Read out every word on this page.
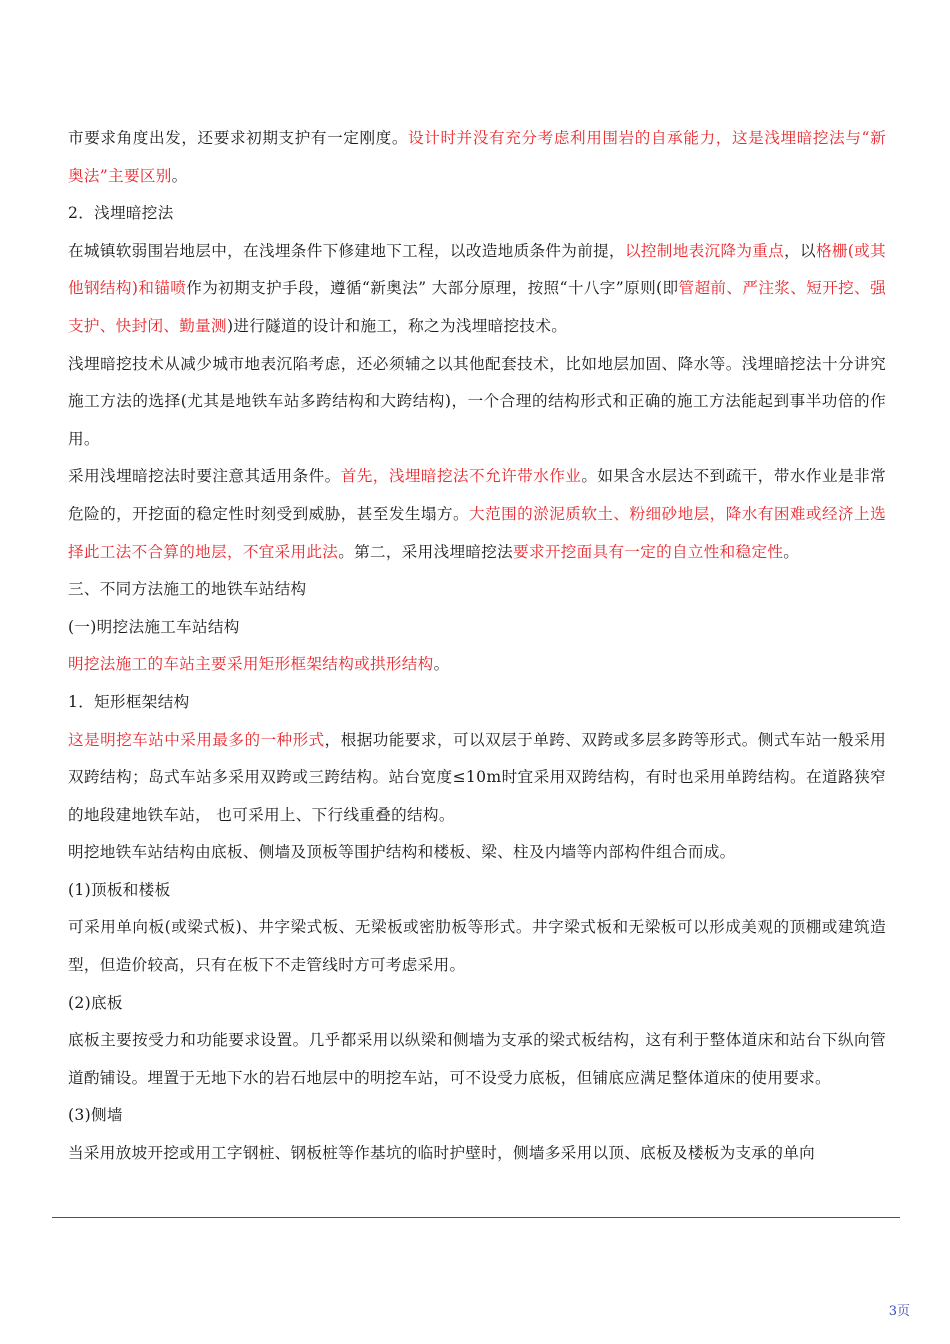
市要求角度出发，还要求初期支护有一定刚度。设计时并没有充分考虑利用围岩的自承能力，这是浅埋暗挖法与“新奥法”主要区别。

2．浅埋暗挖法

在城镇软弱围岩地层中，在浅埋条件下修建地下工程，以改造地质条件为前提，以控制地表沉降为重点，以格栅(或其他钢结构)和锚喷作为初期支护手段，遵循“新奥法” 大部分原理，按照“十八字”原则(即管超前、严注浆、短开挖、强支护、快封闭、勤量测)进行隧道的设计和施工，称之为浅埋暗挖技术。

浅埋暗挖技术从减少城市地表沉陷考虑，还必须辅之以其他配套技术，比如地层加固、降水等。浅埋暗挖法十分讲究施工方法的选择(尤其是地铁车站多跨结构和大跨结构)，一个合理的结构形式和正确的施工方法能起到事半功倍的作用。

采用浅埋暗挖法时要注意其适用条件。首先，浅埋暗挖法不允许带水作业。如果含水层达不到疏干，带水作业是非常危险的，开挖面的稳定性时刻受到威胁，甚至发生塌方。大范围的淤泥质软土、粉细砂地层，降水有困难或经济上选择此工法不合算的地层，不宜采用此法。第二，采用浅埋暗挖法要求开挖面具有一定的自立性和稳定性。

三、不同方法施工的地铁车站结构

(一)明挖法施工车站结构

明挖法施工的车站主要采用矩形框架结构或拱形结构。

1．矩形框架结构

这是明挖车站中采用最多的一种形式，根据功能要求，可以双层于单跨、双跨或多层多跨等形式。侧式车站一般采用双跨结构；岛式车站多采用双跨或三跨结构。站台宽度≤10m时宜采用双跨结构，有时也采用单跨结构。在道路狭窄的地段建地铁车站， 也可采用上、下行线重叠的结构。

明挖地铁车站结构由底板、侧墙及顶板等围护结构和楼板、梁、柱及内墙等内部构件组合而成。

(1)顶板和楼板

可采用单向板(或梁式板)、井字梁式板、无梁板或密肋板等形式。井字梁式板和无梁板可以形成美观的顶棚或建筑造型，但造价较高，只有在板下不走管线时方可考虑采用。

(2)底板

底板主要按受力和功能要求设置。几乎都采用以纵梁和侧墙为支承的梁式板结构，这有利于整体道床和站台下纵向管道酌铺设。埋置于无地下水的岩石地层中的明挖车站，可不设受力底板，但铺底应满足整体道床的使用要求。

(3)侧墙

当采用放坡开挖或用工字钢桩、钢板桩等作基坑的临时护壁时，侧墙多采用以顶、底板及楼板为支承的单向

3页
